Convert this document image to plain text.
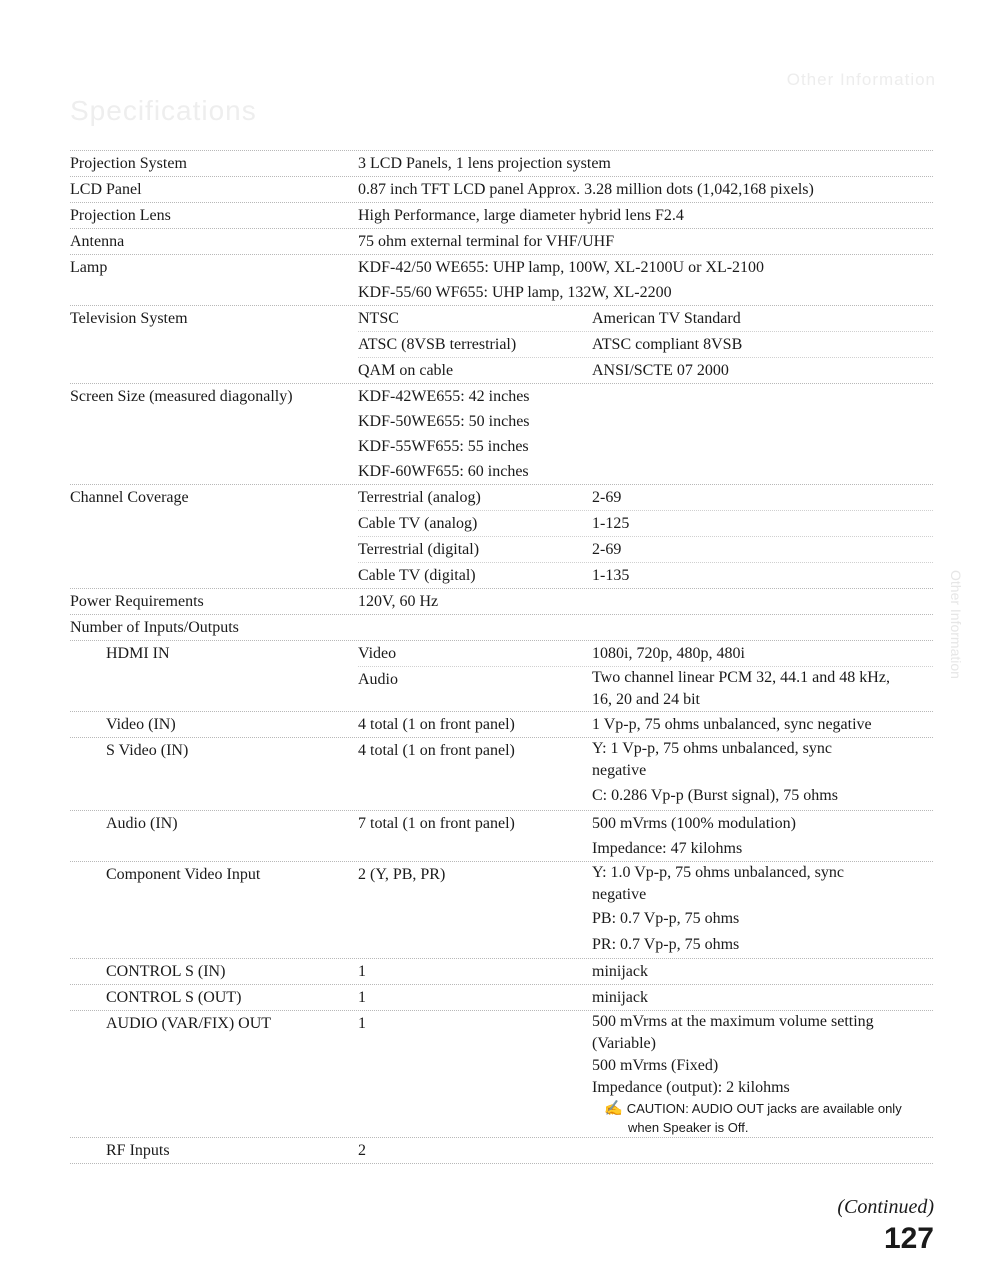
Other Information
Specifications
Other Information
Projection System	3 LCD Panels, 1 lens projection system
LCD Panel	0.87 inch TFT LCD panel Approx. 3.28 million dots (1,042,168 pixels)
Projection Lens	High Performance, large diameter hybrid lens F2.4
Antenna	75 ohm external terminal for VHF/UHF
Lamp	KDF-42/50 WE655: UHP lamp, 100W, XL-2100U or XL-2100
KDF-55/60 WF655: UHP lamp, 132W, XL-2200
Television System	NTSC	American TV Standard
ATSC (8VSB terrestrial)	ATSC compliant 8VSB
QAM on cable	ANSI/SCTE 07 2000
Screen Size (measured diagonally)	KDF-42WE655: 42 inches
KDF-50WE655: 50 inches
KDF-55WF655: 55 inches
KDF-60WF655: 60 inches
Channel Coverage	Terrestrial (analog)	2-69
Cable TV (analog)	1-125
Terrestrial (digital)	2-69
Cable TV (digital)	1-135
Power Requirements	120V, 60 Hz
Number of Inputs/Outputs
HDMI IN	Video	1080i, 720p, 480p, 480i
Audio	Two channel linear PCM 32, 44.1 and 48 kHz,
16, 20 and 24 bit
Video (IN)	4 total (1 on front panel)	1 Vp-p, 75 ohms unbalanced, sync negative
S Video (IN)	4 total (1 on front panel)	Y: 1 Vp-p, 75 ohms unbalanced, sync
negative
C: 0.286 Vp-p (Burst signal), 75 ohms
Audio (IN)	7 total (1 on front panel)	500 mVrms (100% modulation)
Impedance: 47 kilohms
Component Video Input	2 (Y, PB, PR)	Y: 1.0 Vp-p, 75 ohms unbalanced, sync
negative
PB: 0.7 Vp-p, 75 ohms
PR: 0.7 Vp-p, 75 ohms
CONTROL S (IN)	1	minijack
CONTROL S (OUT)	1	minijack
AUDIO (VAR/FIX) OUT	1	500 mVrms at the maximum volume setting
(Variable)
500 mVrms (Fixed)
Impedance (output): 2 kilohms
✍ CAUTION: AUDIO OUT jacks are available only
when Speaker is Off.
RF Inputs	2
(Continued)
127
